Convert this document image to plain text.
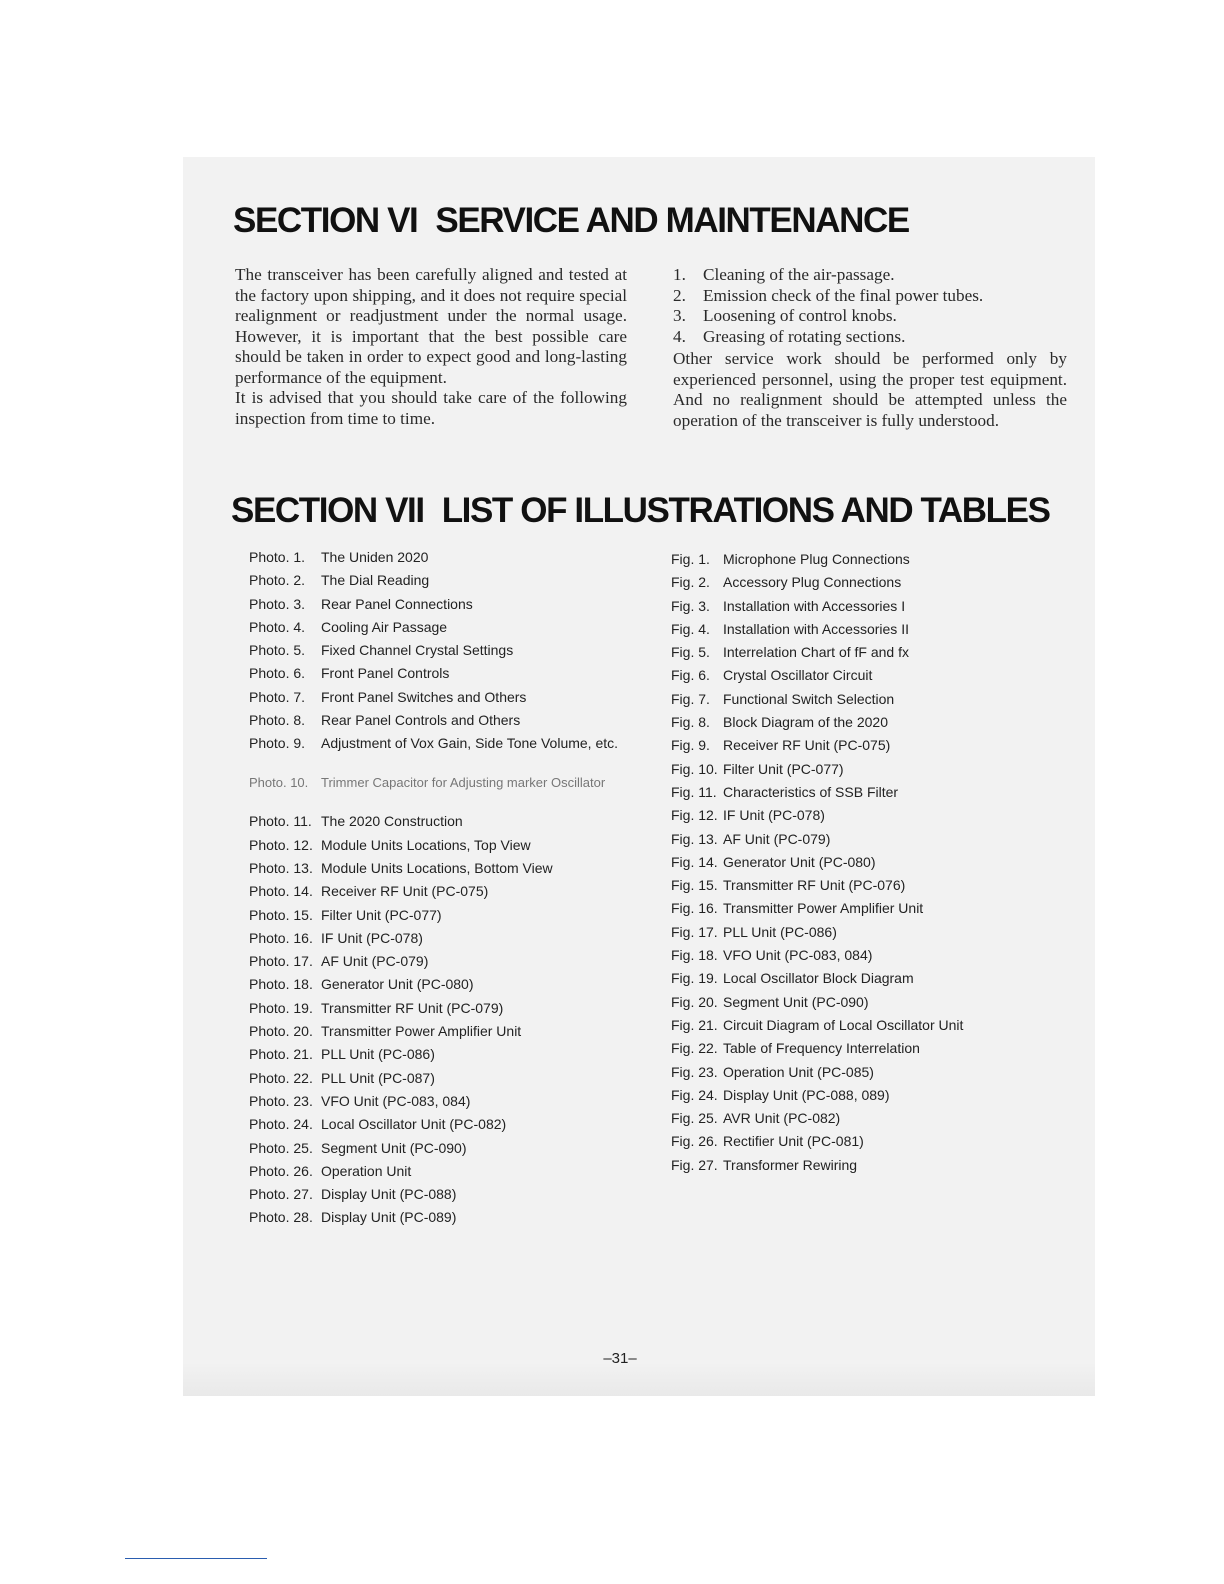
SECTION VI SERVICE AND MAINTENANCE

The transceiver has been carefully aligned and tested at the factory upon shipping, and it does not require special realignment or readjustment under the normal usage. However, it is important that the best possible care should be taken in order to expect good and long-lasting performance of the equipment.

It is advised that you should take care of the following inspection from time to time.

1. Cleaning of the air-passage.
2. Emission check of the final power tubes.
3. Loosening of control knobs.
4. Greasing of rotating sections.

Other service work should be performed only by experienced personnel, using the proper test equipment. And no realignment should be attempted unless the operation of the transceiver is fully understood.

SECTION VII LIST OF ILLUSTRATIONS AND TABLES
Photo. 1.	The Uniden 2020
Photo. 2.	The Dial Reading
Photo. 3.	Rear Panel Connections
Photo. 4.	Cooling Air Passage
Photo. 5.	Fixed Channel Crystal Settings
Photo. 6.	Front Panel Controls
Photo. 7.	Front Panel Switches and Others
Photo. 8.	Rear Panel Controls and Others
Photo. 9.	Adjustment of Vox Gain, Side Tone Volume, etc.
Photo. 10. Trimmer Capacitor for Adjusting marker Oscillator
Photo. 11. The 2020 Construction
Photo. 12. Module Units Locations, Top View
Photo. 13. Module Units Locations, Bottom View
Photo. 14. Receiver RF Unit (PC-075)
Photo. 15. Filter Unit (PC-077)
Photo. 16. IF Unit (PC-078)
Photo. 17. AF Unit (PC-079)
Photo. 18. Generator Unit (PC-080)
Photo. 19. Transmitter RF Unit (PC-079)
Photo. 20. Transmitter Power Amplifier Unit
Photo. 21. PLL Unit (PC-086)
Photo. 22. PLL Unit (PC-087)
Photo. 23. VFO Unit (PC-083, 084)
Photo. 24. Local Oscillator Unit (PC-082)
Photo. 25. Segment Unit (PC-090)
Photo. 26. Operation Unit
Photo. 27. Display Unit (PC-088)
Photo. 28. Display Unit (PC-089)
Fig. 1. Microphone Plug Connections
Fig. 2. Accessory Plug Connections
Fig. 3. Installation with Accessories I
Fig. 4. Installation with Accessories II
Fig. 5. Interrelation Chart of fF and fx
Fig. 6. Crystal Oscillator Circuit
Fig. 7. Functional Switch Selection
Fig. 8. Block Diagram of the 2020
Fig. 9. Receiver RF Unit (PC-075)
Fig. 10. Filter Unit (PC-077)
Fig. 11. Characteristics of SSB Filter
Fig. 12. IF Unit (PC-078)
Fig. 13. AF Unit (PC-079)
Fig. 14. Generator Unit (PC-080)
Fig. 15. Transmitter RF Unit (PC-076)
Fig. 16. Transmitter Power Amplifier Unit
Fig. 17. PLL Unit (PC-086)
Fig. 18. VFO Unit (PC-083, 084)
Fig. 19. Local Oscillator Block Diagram
Fig. 20. Segment Unit (PC-090)
Fig. 21. Circuit Diagram of Local Oscillator Unit
Fig. 22. Table of Frequency Interrelation
Fig. 23. Operation Unit (PC-085)
Fig. 24. Display Unit (PC-088, 089)
Fig. 25. AVR Unit (PC-082)
Fig. 26. Rectifier Unit (PC-081)
Fig. 27. Transformer Rewiring
–31–
